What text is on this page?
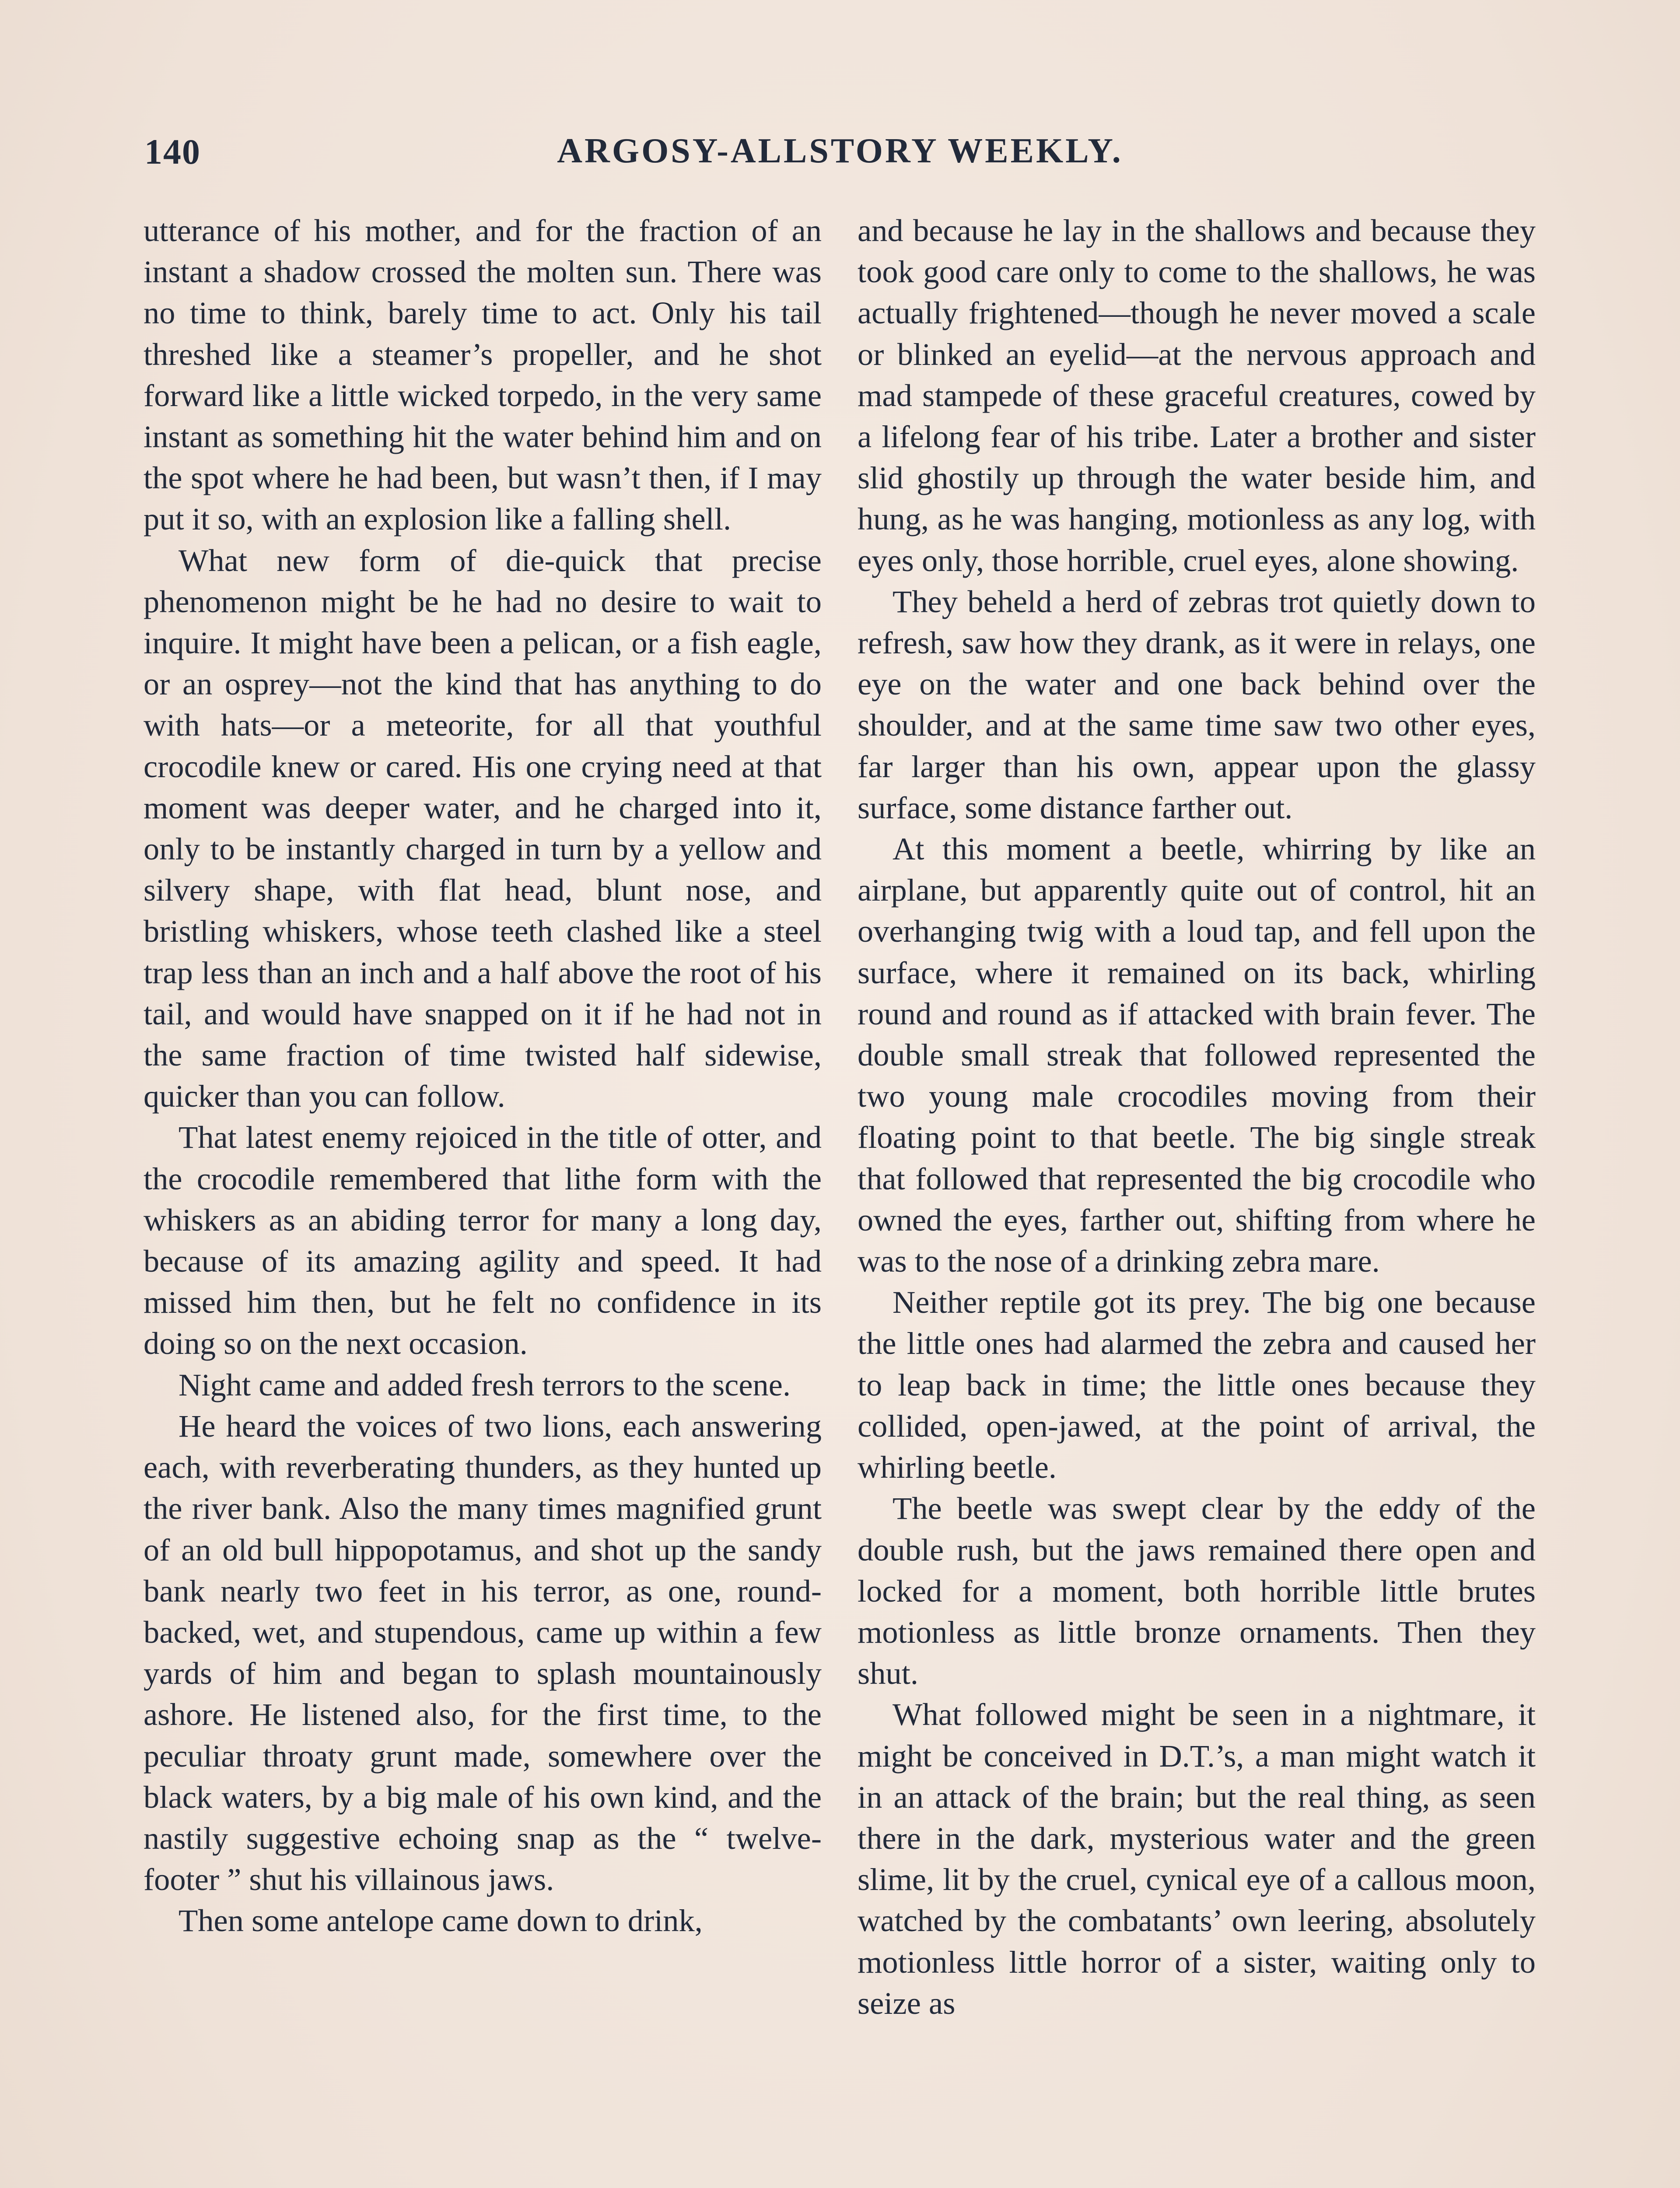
140	ARGOSY-ALLSTORY WEEKLY.

utterance of his mother, and for the fraction of an instant a shadow crossed the molten sun. There was no time to think, barely time to act. Only his tail threshed like a steamer’s propeller, and he shot forward like a little wicked torpedo, in the very same instant as something hit the water behind him and on the spot where he had been, but wasn’t then, if I may put it so, with an explosion like a falling shell.

What new form of die-quick that precise phenomenon might be he had no desire to wait to inquire. It might have been a pelican, or a fish eagle, or an osprey—not the kind that has anything to do with hats—or a meteorite, for all that youthful crocodile knew or cared. His one crying need at that moment was deeper water, and he charged into it, only to be instantly charged in turn by a yellow and silvery shape, with flat head, blunt nose, and bristling whiskers, whose teeth clashed like a steel trap less than an inch and a half above the root of his tail, and would have snapped on it if he had not in the same fraction of time twisted half sidewise, quicker than you can follow.

That latest enemy rejoiced in the title of otter, and the crocodile remembered that lithe form with the whiskers as an abiding terror for many a long day, because of its amazing agility and speed. It had missed him then, but he felt no confidence in its doing so on the next occasion.

Night came and added fresh terrors to the scene.

He heard the voices of two lions, each answering each, with reverberating thunders, as they hunted up the river bank. Also the many times magnified grunt of an old bull hippopotamus, and shot up the sandy bank nearly two feet in his terror, as one, round-backed, wet, and stupendous, came up within a few yards of him and began to splash mountainously ashore. He listened also, for the first time, to the peculiar throaty grunt made, somewhere over the black waters, by a big male of his own kind, and the nastily suggestive echoing snap as the “ twelve-footer ” shut his villainous jaws.

Then some antelope came down to drink,

and because he lay in the shallows and because they took good care only to come to the shallows, he was actually frightened—though he never moved a scale or blinked an eyelid—at the nervous approach and mad stampede of these graceful creatures, cowed by a lifelong fear of his tribe. Later a brother and sister slid ghostily up through the water beside him, and hung, as he was hanging, motionless as any log, with eyes only, those horrible, cruel eyes, alone showing.

They beheld a herd of zebras trot quietly down to refresh, saw how they drank, as it were in relays, one eye on the water and one back behind over the shoulder, and at the same time saw two other eyes, far larger than his own, appear upon the glassy surface, some distance farther out.

At this moment a beetle, whirring by like an airplane, but apparently quite out of control, hit an overhanging twig with a loud tap, and fell upon the surface, where it remained on its back, whirling round and round as if attacked with brain fever. The double small streak that followed represented the two young male crocodiles moving from their floating point to that beetle. The big single streak that followed that represented the big crocodile who owned the eyes, farther out, shifting from where he was to the nose of a drinking zebra mare.

Neither reptile got its prey. The big one because the little ones had alarmed the zebra and caused her to leap back in time; the little ones because they collided, open-jawed, at the point of arrival, the whirling beetle.

The beetle was swept clear by the eddy of the double rush, but the jaws remained there open and locked for a moment, both horrible little brutes motionless as little bronze ornaments. Then they shut.

What followed might be seen in a nightmare, it might be conceived in D.T.’s, a man might watch it in an attack of the brain; but the real thing, as seen there in the dark, mysterious water and the green slime, lit by the cruel, cynical eye of a callous moon, watched by the combatants’ own leering, absolutely motionless little horror of a sister, waiting only to seize as
